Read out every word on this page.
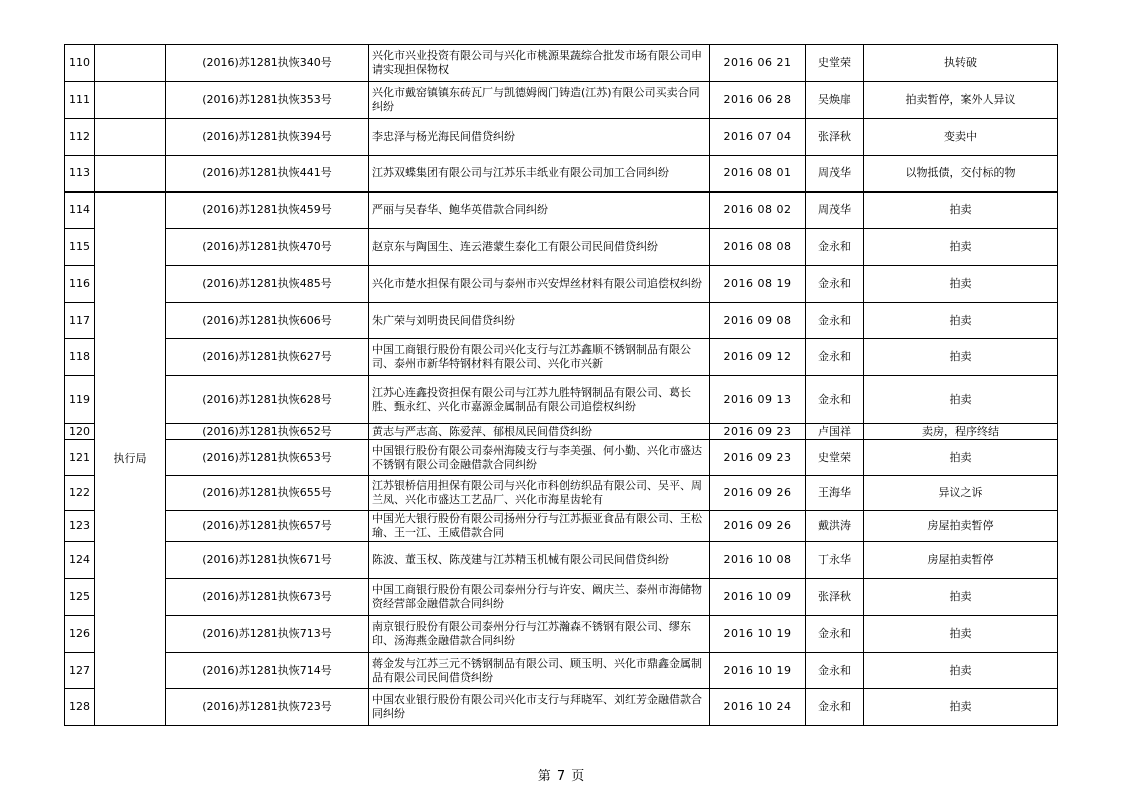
110		(2016)苏1281执恢340号	兴化市兴业投资有限公司与兴化市桃源果蔬综合批发市场有限公司申请实现担保物权	2016 06 21	史堂荣	执转破
111		(2016)苏1281执恢353号	兴化市戴窑镇镇东砖瓦厂与凯德姆阀门铸造(江苏)有限公司买卖合同纠纷	2016 06 28	吴焕扉	拍卖暂停，案外人异议
112		(2016)苏1281执恢394号	李忠泽与杨光海民间借贷纠纷	2016 07 04	张泽秋	变卖中
113		(2016)苏1281执恢441号	江苏双蝶集团有限公司与江苏乐丰纸业有限公司加工合同纠纷	2016 08 01	周茂华	以物抵债，交付标的物
114	执行局	(2016)苏1281执恢459号	严丽与吴春华、鲍华英借款合同纠纷	2016 08 02	周茂华	拍卖
115		(2016)苏1281执恢470号	赵京东与陶国生、连云港蒙生泰化工有限公司民间借贷纠纷	2016 08 08	金永和	拍卖
116		(2016)苏1281执恢485号	兴化市楚水担保有限公司与泰州市兴安焊丝材料有限公司追偿权纠纷	2016 08 19	金永和	拍卖
117		(2016)苏1281执恢606号	朱广荣与刘明贵民间借贷纠纷	2016 09 08	金永和	拍卖
118		(2016)苏1281执恢627号	中国工商银行股份有限公司兴化支行与江苏鑫顺不锈钢制品有限公司、泰州市新华特钢材料有限公司、兴化市兴新	2016 09 12	金永和	拍卖
119		(2016)苏1281执恢628号	江苏心连鑫投资担保有限公司与江苏九胜特钢制品有限公司、葛长胜、甄永红、兴化市嘉源金属制品有限公司追偿权纠纷	2016 09 13	金永和	拍卖
120		(2016)苏1281执恢652号	黄志与严志高、陈爱萍、郁根凤民间借贷纠纷	2016 09 23	卢国祥	卖房，程序终结
121		(2016)苏1281执恢653号	中国银行股份有限公司泰州海陵支行与李美强、何小勤、兴化市盛达不锈钢有限公司金融借款合同纠纷	2016 09 23	史堂荣	拍卖
122		(2016)苏1281执恢655号	江苏银桥信用担保有限公司与兴化市科创纺织品有限公司、吴平、周兰凤、兴化市盛达工艺品厂、兴化市海星齿轮有	2016 09 26	王海华	异议之诉
123		(2016)苏1281执恢657号	中国光大银行股份有限公司扬州分行与江苏振亚食品有限公司、王松瑜、王一江、王威借款合同	2016 09 26	戴洪涛	房屋拍卖暂停
124		(2016)苏1281执恢671号	陈波、董玉权、陈茂建与江苏精玉机械有限公司民间借贷纠纷	2016 10 08	丁永华	房屋拍卖暂停
125		(2016)苏1281执恢673号	中国工商银行股份有限公司泰州分行与许安、阚庆兰、泰州市海储物资经营部金融借款合同纠纷	2016 10 09	张泽秋	拍卖
126		(2016)苏1281执恢713号	南京银行股份有限公司泰州分行与江苏瀚森不锈钢有限公司、缪东印、汤海燕金融借款合同纠纷	2016 10 19	金永和	拍卖
127		(2016)苏1281执恢714号	蒋金发与江苏三元不锈钢制品有限公司、顾玉明、兴化市鼎鑫金属制品有限公司民间借贷纠纷	2016 10 19	金永和	拍卖
128		(2016)苏1281执恢723号	中国农业银行股份有限公司兴化市支行与拜晓军、刘红芳金融借款合同纠纷	2016 10 24	金永和	拍卖
第 7 页
